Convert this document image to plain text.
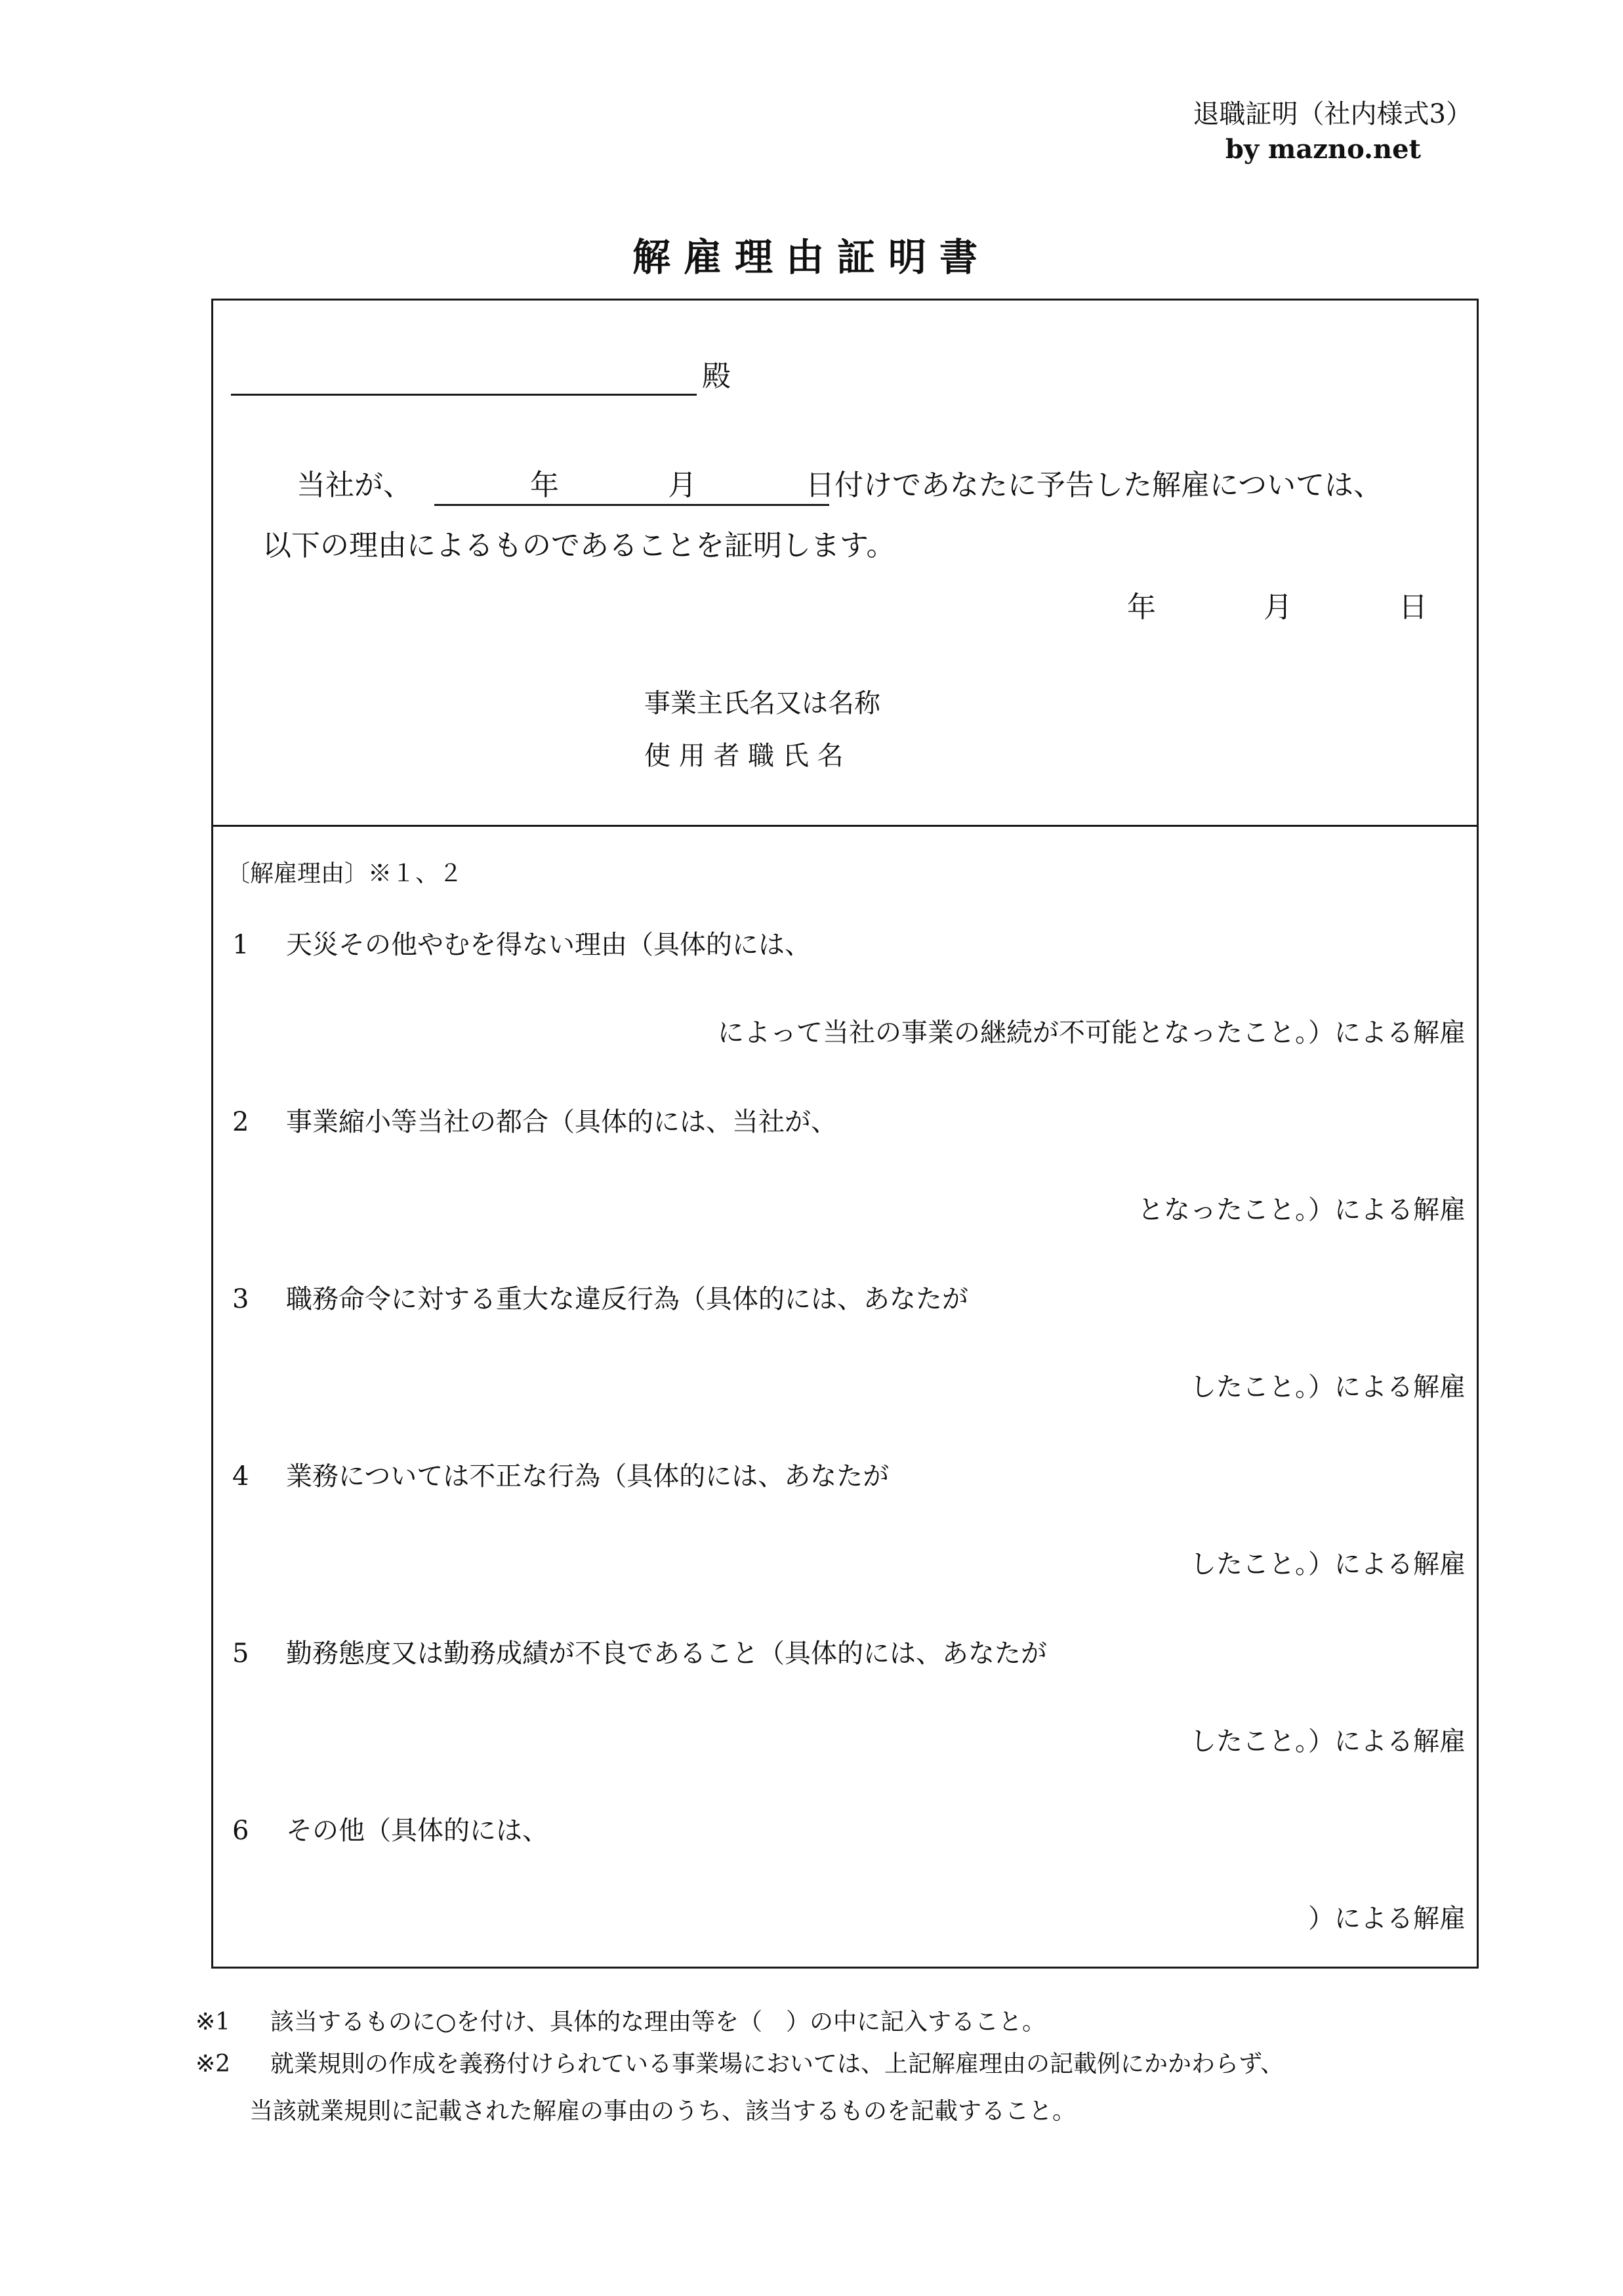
退職証明（社内様式3）
by mazno.net
解雇理由証明書
殿
当社が、	年	月	日 付けであなたに予告した解雇については、
以下の理由によるものであることを証明します。
年	月	日
事業主氏名又は名称
使 用 者 職 氏 名
〔解雇理由〕※１、２
1 天災その他やむを得ない理由（具体的には、
によって当社の事業の継続が不可能となったこと。）による解雇
2 事業縮小等当社の都合（具体的には、当社が、
となったこと。）による解雇
3 職務命令に対する重大な違反行為（具体的には、あなたが
したこと。）による解雇
4 業務については不正な行為（具体的には、あなたが
したこと。）による解雇
5 勤務態度又は勤務成績が不良であること（具体的には、あなたが
したこと。）による解雇
6 その他（具体的には、
）による解雇
※1 該当するものに○を付け、具体的な理由等を（　）の中に記入すること。
※2 就業規則の作成を義務付けられている事業場においては、上記解雇理由の記載例にかかわらず、
当該就業規則に記載された解雇の事由のうち、該当するものを記載すること。
